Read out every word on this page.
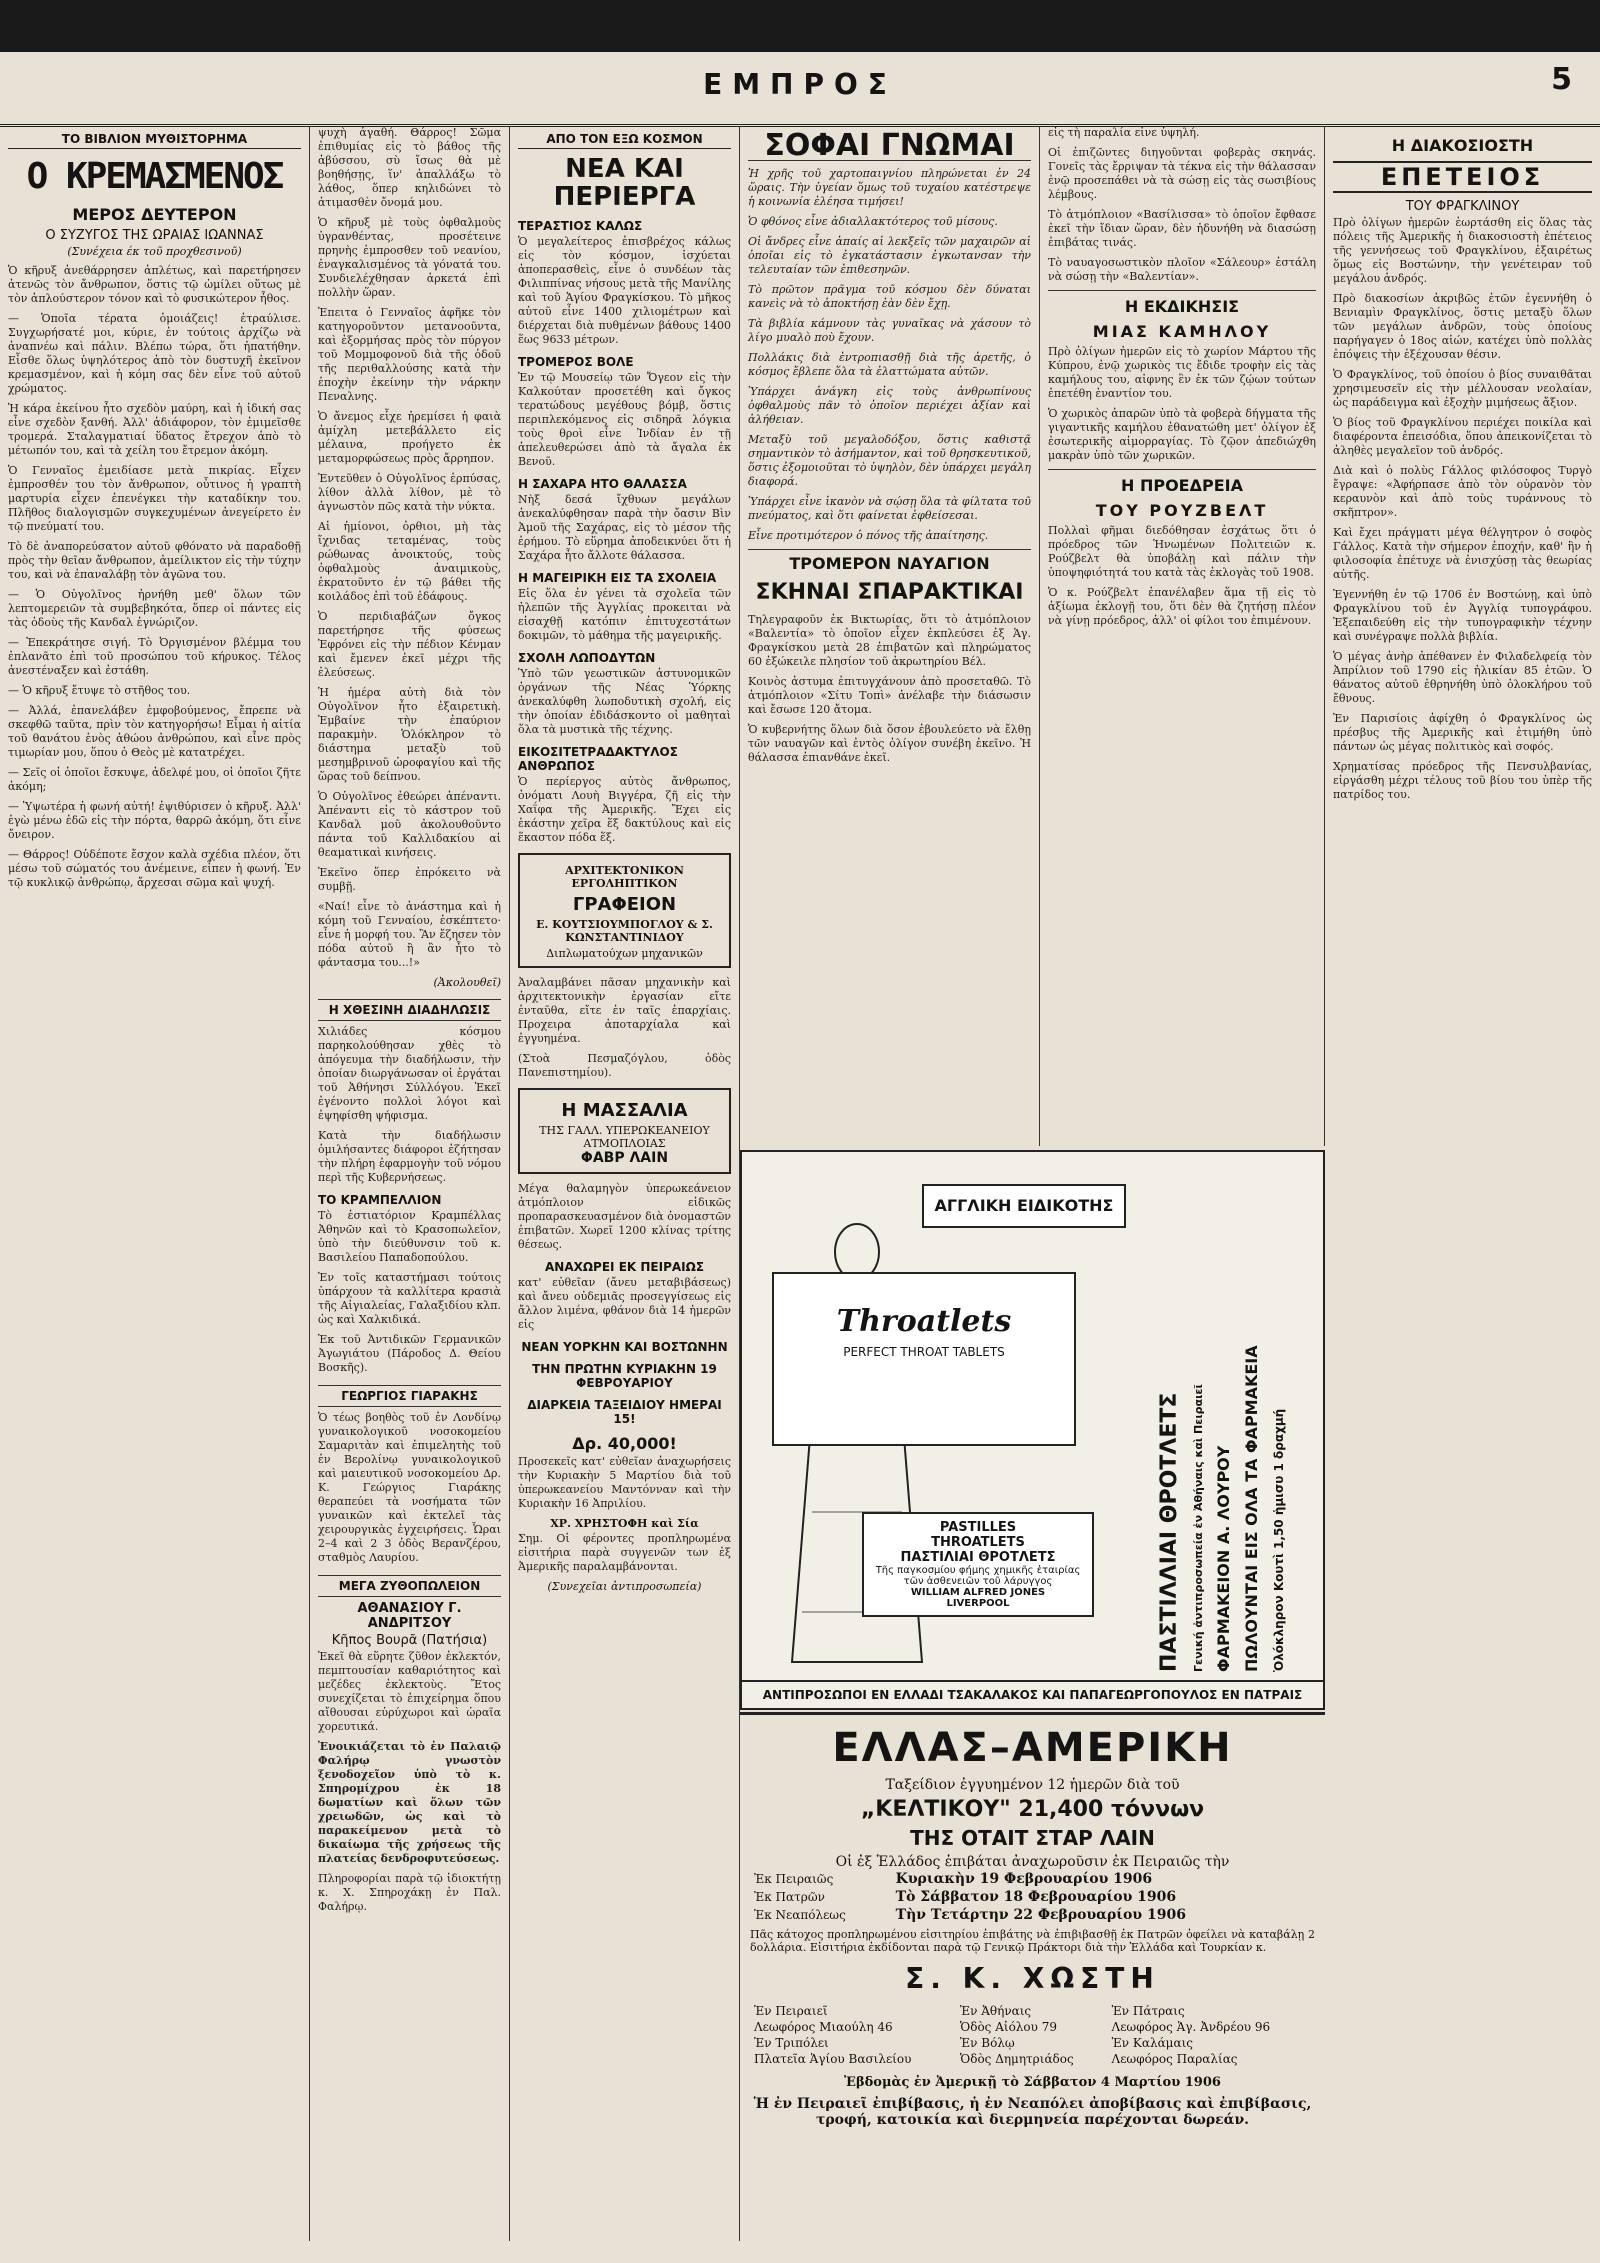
ΕΜΠΡΟΣ	5
ΤΟ ΒΙΒΛΙΟΝ ΜΥΘΙΣΤΟΡΗΜΑ
Ο ΚΡΕΜΑΣΜΕΝΟΣ
ΜΕΡΟΣ ΔΕΥΤΕΡΟΝ
Ο ΣΥΖΥΓΟΣ ΤΗΣ ΩΡΑΙΑΣ ΙΩΑΝΝΑΣ
(Συνέχεια έκ τοῦ προχθεσινοῦ)

Ὁ κῆρυξ ἀνεθάρρησεν ἀπλέτως, καὶ παρετήρησεν ἀτενῶς τὸν ἄνθρωπον, ὅστις τῷ ὡμίλει οὕτως μὲ τὸν ἀπλούστερον τόνον καὶ τὸ φυσικώτερον ἦθος.

— Ὁποῖα τέρατα ὁμοιάζεις! ἐτραύλισε. Συγχωρήσατέ μοι, κύριε, ἐν τούτοις ἀρχίζω νὰ ἀναπνέω καὶ πάλιν. Βλέπω τώρα, ὅτι ἠπατήθην. Εἶσθε ὅλως ὑψηλότερος ἀπὸ τὸν δυστυχῆ ἐκεῖνον κρεμασμένον, καὶ ἡ κόμη σας δὲν εἶνε τοῦ αὐτοῦ χρώματος.

Ἡ κάρα ἐκείνου ἦτο σχεδὸν μαύρη, καὶ ἡ ἰδική σας εἶνε σχεδὸν ξανθή. Ἀλλ' ἀδιάφορον, τὸν ἐμιμεῖσθε τρομερά. Σταλαγματιαί ὕδατος ἔτρεχον ἀπὸ τὸ μέτωπόν του, καὶ τὰ χείλη του ἔτρεμον ἀκόμη.

Ὁ Γενναῖος ἐμειδίασε μετὰ πικρίας. Εἶχεν ἐμπροσθέν του τὸν ἄνθρωπον, οὗτινος ἡ γραπτὴ μαρτυρία εἶχεν ἐπενέγκει τὴν καταδίκην του. Πλῆθος διαλογισμῶν συγκεχυμένων ἀνεγείρετο ἐν τῷ πνεύματί του.

Τὸ δὲ ἀναπορεύσατον αὐτοῦ φθόνατο νὰ παραδοθῇ πρὸς τὴν θεῖαν ἄνθρωπον, ἀμείλικτον εἰς τὴν τύχην του, καὶ νὰ ἐπαναλάβῃ τὸν ἀγῶνα του.

— Ὁ Οὐγολῖνος ἠρνήθη μεθ' ὅλων τῶν λεπτομερειῶν τὰ συμβεβηκότα, ὅπερ οἱ πάντες εἰς τὰς ὁδοὺς τῆς Κανδαλ ἐγνώριζον.

— Ἐπεκράτησε σιγή. Τὸ Ὀργισμένον βλέμμα του ἐπλανᾶτο ἐπὶ τοῦ προσώπου τοῦ κήρυκος. Τέλος ἀνεστέναξεν καὶ ἐστάθη.

— Ὁ κῆρυξ ἔτυψε τὸ στῆθος του.

— Ἀλλά, ἐπανελάβεν ἐμφοβούμενος, ἔπρεπε νὰ σκεφθῶ ταῦτα, πρὶν τὸν κατηγορήσω! Εἶμαι ἡ αἰτία τοῦ θανάτου ἑνὸς ἀθώου ἀνθρώπου, καὶ εἶνε πρὸς τιμωρίαν μου, ὅπου ὁ Θεὸς μὲ κατατρέχει.

— Σεῖς οἱ ὁποῖοι ἔσκυψε, ἀδελφέ μου, οἱ ὁποῖοι ζῆτε ἀκόμη;

— Ὑψωτέρα ἡ φωνή αὐτή! ἐψιθύρισεν ὁ κῆρυξ. Ἀλλ' ἐγὼ μένω ἐδῶ εἰς τὴν πόρτα, θαρρῶ ἀκόμη, ὅτι εἶνε ὄνειρον.

— Θάρρος! Οὐδέποτε ἔσχον καλὰ σχέδια πλέον, ὅτι μέσω τοῦ σώματός του ἀνέμεινε, εἶπεν ἡ φωνή. Ἐν τῷ κυκλικῷ ἀνθρώπῳ, ἄρχεσαι σῶμα καὶ ψυχή.

ψυχὴ ἀγαθή. Θάρρος! Σῶμα ἐπιθυμίας εἰς τὸ βάθος τῆς ἀβύσσου, σὺ ἴσως θὰ μὲ βοηθήσῃς, ἵν' ἀπαλλάξω τὸ λάθος, ὅπερ κηλιδώνει τὸ ἀτιμασθὲν ὄνομά μου.

Ὁ κῆρυξ μὲ τοὺς ὀφθαλμοὺς ὑγρανθέντας, προσέτεινε πρηνὴς ἐμπροσθεν τοῦ νεανίου, ἐναγκαλισμένος τὰ γόνατά του. Συνδιελέχθησαν ἀρκετά ἐπὶ πολλὴν ὥραν.

Ἐπειτα ὁ Γενναῖος ἀφῆκε τὸν κατηγοροῦντον μετανοοῦντα, καὶ ἐξορμήσας πρὸς τὸν πύργον τοῦ Μομμοφονοῦ διὰ τῆς ὁδοῦ τῆς περιθαλλούσης κατὰ τὴν ἐποχὴν ἐκείνην τὴν νάρκην Πεναλνης.

Ὁ ἄνεμος εἶχε ἠρεμίσει ἡ φαιὰ ἀμίχλη μετεβάλλετο εἰς μέλαινα, προήγετο ἐκ μεταμορφώσεως πρὸς ἄρρηπον.

Ἐντεῦθεν ὁ Οὐγολῖνος ἑρπύσας, λίθον ἀλλὰ λίθον, μὲ τὸ ἀγνωστὸν πῶς κατὰ τὴν νύκτα.

Αἱ ἡμίονοι, ὀρθιοι, μὴ τὰς ἴχνιδας τεταμένας, τοὺς ρώθωνας ἀνοικτούς, τοὺς ὀφθαλμοὺς ἀναιμικοὺς, ἐκρατοῦντο ἐν τῷ βάθει τῆς κοιλάδος ἐπὶ τοῦ ἐδάφους.

Ὁ περιδιαβάζων ὄγκος παρετήρησε τῆς φύσεως Ἐφρόνει εἰς τὴν πέδιον Κένμαν καὶ ἔμενεν ἐκεῖ μέχρι τῆς ἐλεύσεως.

Ἡ ἡμέρα αὐτὴ διὰ τὸν Οὐγολῖνον ἦτο ἐξαιρετικὴ. Ἐμβαίνε τὴν ἐπαύριον παρακμὴν. Ὁλόκληρον τὸ διάστημα μεταξὺ τοῦ μεσημβρινοῦ ὡροφαγίου καὶ τῆς ὥρας τοῦ δείπνου.

Ὁ Οὐγολῖνος ἐθεώρει ἀπέναντι. Ἀπέναντι εἰς τὸ κάστρον τοῦ Κανδαλ μοῦ ἀκολουθοῦντο πάντα τοῦ Καλλιδακίου αἱ θεαματικαὶ κινήσεις.

Ἐκεῖνο ὅπερ ἐπρόκειτο νὰ συμβῇ.

«Ναί! εἶνε τὸ ἀνάστημα καὶ ἡ κόμη τοῦ Γενναίου, ἐσκέπτετο· εἶνε ἡ μορφή του. Ἂν ἔζησεν τὸν πόδα αὐτοῦ ἢ ἂν ἦτο τὸ φάντασμα του...!»

(Ἀκολουθεῖ)
Η ΧΘΕΣΙΝΗ ΔΙΑΔΗΛΩΣΙΣ

Χιλιάδες κόσμου παρηκολούθησαν χθὲς τὸ ἀπόγευμα τὴν διαδήλωσιν, τὴν ὁποίαν διωργάνωσαν οἱ ἐργάται τοῦ Ἀθήνησι Σύλλόγου. Ἐκεῖ ἐγένοντο πολλοὶ λόγοι καὶ ἐψηφίσθη ψήφισμα.

Κατὰ τὴν διαδήλωσιν ὁμιλήσαντες διάφοροι ἐζήτησαν τὴν πλήρη ἐφαρμογὴν τοῦ νόμου περὶ τῆς Κυβερνήσεως.

ΤΟ ΚΡΑΜΠΕΛΛΙΟΝ

Τὸ ἑστιατόριον Κραμπέλλας Ἀθηνῶν καὶ τὸ Κρασοπωλεῖον, ὑπὸ τὴν διεύθυνσιν τοῦ κ. Βασιλείου Παπαδοπούλου.

Ἐν τοῖς καταστήμασι τούτοις ὑπάρχουν τὰ καλλίτερα κρασιὰ τῆς Αἰγιαλείας, Γαλαξιδίου κλπ. ὡς καὶ Χαλκιδικά.

Ἐκ τοῦ Ἀντιδικῶν Γερμανικῶν Ἀγωγιάτου (Πάροδος Δ. Θείου Βοσκῆς).

ΓΕΩΡΓΙΟΣ ΓΙΑΡΑΚΗΣ

Ὁ τέως βοηθὸς τοῦ ἐν Λονδίνῳ γυναικολογικοῦ νοσοκομείου Σαμαριτὰν καὶ ἐπιμελητὴς τοῦ ἐν Βερολίνῳ γυναικολογικοῦ καὶ μαιευτικοῦ νοσοκομείου Δρ. Κ. Γεώργιος Γιαράκης θεραπεύει τὰ νοσήματα τῶν γυναικῶν καὶ ἐκτελεῖ τὰς χειρουργικὰς ἐγχειρήσεις. Ὧραι 2–4 καὶ 2 3 ὁδὸς Βερανζέρου, σταθμὸς Λαυρίου.

ΜΕΓΑ ΖΥΘΟΠΩΛΕΙΟΝ
ΑΘΑΝΑΣΙΟΥ Γ. ΑΝΔΡΙΤΣΟΥ
Κῆπος Βουρᾶ (Πατήσια)

Ἐκεῖ θὰ εὕρητε ζῦθον ἐκλεκτόν, πεμπτουσίαν καθαριότητος καὶ μεζέδες ἐκλεκτοὺς. Ἔτος συνεχίζεται τὸ ἐπιχείρημα ὅπου αἴθουσαι εὐρύχωροι καὶ ὡραῖα χορευτικά.

Ἐνοικιάζεται τὸ ἐν Παλαιῷ Φαλήρῳ γνωστὸν ξενοδοχεῖον ὑπὸ τὸ κ. Σπηρομίχρου ἐκ 18 δωματίων καὶ ὅλων τῶν χρειωδῶν, ὡς καὶ τὸ παρακείμενον μετὰ τὸ δικαίωμα τῆς χρήσεως τῆς πλατείας δενδροφυτεύσεως.

Πληροφορίαι παρὰ τῷ ἰδιοκτήτῃ κ. Χ. Σπηροχάκῃ ἐν Παλ. Φαλήρῳ.

ΑΠΟ ΤΟΝ ΕΞΩ ΚΟΣΜΟΝ
ΝΕΑ ΚΑΙ ΠΕΡΙΕΡΓΑ
ΤΕΡΑΣΤΙΟΣ ΚΑΛΩΣ

Ὁ μεγαλείτερος ἐπισβρέχος κάλως εἰς τὸν κόσμον, ἰσχύεται ἀποπερασθεὶς, εἶνε ὁ συνδέων τὰς Φιλιππίνας νήσους μετὰ τῆς Μανίλης καὶ τοῦ Ἁγίου Φραγκίσκου. Τὸ μῆκος αὐτοῦ εἶνε 1400 χιλιομέτρων καὶ διέρχεται διὰ πυθμένων βάθους 1400 ἕως 9633 μέτρων.

ΤΡΟΜΕΡΟΣ ΒΟΛΕ

Ἐν τῷ Μουσείῳ τῶν Ὄγεον εἰς τὴν Καλκούταν προσετέθη καὶ ὄγκος τερατώδους μεγέθους βόμβ, ὅστις περιπλεκόμενος εἰς σιδηρᾶ λόγκια τοὺς θροὶ εἷνε Ἰνδίαν ἐν τῇ ἀπελευθερώσει ἀπὸ τὰ ἄγαλα ἐκ Βενοῦ.

Η ΣΑΧΑΡΑ ΗΤΟ ΘΑΛΑΣΣΑ

Νὴξ δεσά ἴχθυων μεγάλων ἀνεκαλύφθησαν παρὰ τὴν ὄασιν Βὶν Ἀμοῦ τῆς Σαχάρας, εἰς τὸ μέσον τῆς ἐρήμου. Τὸ εὕρημα ἀποδεικνύει ὅτι ἡ Σαχάρα ἦτο ἄλλοτε θάλασσα.

Η ΜΑΓΕΙΡΙΚΗ ΕΙΣ ΤΑ ΣΧΟΛΕΙΑ

Εἰς ὅλα ἐν γένει τὰ σχολεῖα τῶν ἠλεπῶν τῆς Ἀγγλίας προκειται νὰ εἰσαχθῇ κατόπιν ἐπιτυχεστάτων δοκιμῶν, τὸ μάθημα τῆς μαγειρικῆς.

ΣΧΟΛΗ ΛΩΠΟΔΥΤΩΝ

Ὑπὸ τῶν γεωστικῶν ἀστυνομικῶν ὀργάνων τῆς Νέας Ὑόρκης ἀνεκαλύφθη λωποδυτικὴ σχολή, εἰς τὴν ὁποίαν ἐδιδάσκοντο οἱ μαθηταὶ ὅλα τὰ μυστικὰ τῆς τέχνης.

ΕΙΚΟΣΙΤΕΤΡΑΔΑΚΤΥΛΟΣ ΑΝΘΡΩΠΟΣ

Ὁ περίεργος αὐτὸς ἄνθρωπος, ὀνόματι Λουὴ Βιγγέρα, ζῆ εἰς τὴν Χαΐφα τῆς Ἀμερικῆς. Ἔχει εἰς ἑκάστην χεῖρα ἕξ δακτύλους καὶ εἰς ἕκαστον πόδα ἕξ.

ΑΡΧΙΤΕΚΤΟΝΙΚΟΝ ΕΡΓΟΛΗΠΤΙΚΟΝ
ΓΡΑΦΕΙΟΝ
Ε. ΚΟΥΤΣΙΟΥΜΠΟΓΛΟΥ & Σ. ΚΩΝΣΤΑΝΤΙΝΙΔΟΥ
Διπλωματούχων μηχανικῶν

Ἀναλαμβάνει πᾶσαν μηχανικὴν καὶ ἀρχιτεκτονικὴν ἐργασίαν εἴτε ἐνταῦθα, εἴτε ἐν ταῖς ἐπαρχίαις. Προχειρα ἁποταρχίαλα καὶ ἐγγυημένα.

(Στοὰ Πεσμαζόγλου, ὁδὸς Πανεπιστημίου).

Η ΜΑΣΣΑΛΙΑ
ΤΗΣ ΓΑΛΛ. ΥΠΕΡΩΚΕΑΝΕΙΟΥ ΑΤΜΟΠΛΟΙΑΣ
ΦΑΒΡ ΛΑΙΝ

Μέγα θαλαμηγὸν ὑπερωκεάνειον ἀτμόπλοιον εἰδικῶς προπαρασκευασμένον διὰ ὀνομαστῶν ἐπιβατῶν. Χωρεῖ 1200 κλίνας τρίτης θέσεως.

ΑΝΑΧΩΡΕΙ ΕΚ ΠΕΙΡΑΙΩΣ

κατ' εὐθεῖαν (ἄνευ μεταβιβάσεως) καὶ ἄνευ οὐδεμιᾶς προσεγγίσεως εἰς ἄλλον λιμένα, φθάνον διὰ 14 ἡμερῶν εἰς

ΝΕΑΝ ΥΟΡΚΗΝ ΚΑΙ ΒΟΣΤΩΝΗΝ
ΤΗΝ ΠΡΩΤΗΝ ΚΥΡΙΑΚΗΝ 19 ΦΕΒΡΟΥΑΡΙΟΥ
ΔΙΑΡΚΕΙΑ ΤΑΞΕΙΔΙΟΥ ΗΜΕΡΑΙ 15!
Δρ. 40,000!

Προσεκεῖς κατ' εὐθεῖαν ἀναχωρήσεις τὴν Κυριακὴν 5 Μαρτίου διὰ τοῦ ὑπερωκεανείου Μαντόνναν καὶ τὴν Κυριακὴν 16 Ἀπριλίου.

ΧΡ. ΧΡΗΣΤΟΦΗ καὶ Σία

Σημ. Οἱ φέροντες προπληρωμένα εἰσιτήρια παρὰ συγγενῶν των ἐξ Ἀμερικῆς παραλαμβάνονται.

(Συνεχεῖαι ἀντιπροσωπεία)
ΣΟΦΑΙ ΓΝΩΜΑΙ

Ἡ χρῆς τοῦ χαρτοπαιγνίου πληρώνεται ἐν 24 ὥραις. Τὴν ὑγείαν ὅμως τοῦ τυχαίου κατέστρεψε ἡ κοινωνία ἐλέησα τιμήσει!

Ὁ φθόνος εἶνε ἀδιαλλακτότερος τοῦ μίσους.

Οἱ ἄνδρες εἶνε ἀπαίς αἱ λεκξεῖς τῶν μαχαιρῶν αἱ ὁποῖαι εἰς τὸ ἐγκατάστασιν ἐγκωτανσαν τὴν τελευταίαν τῶν ἐπιθεσηνῶν.

Τὸ πρῶτον πρᾶγμα τοῦ κόσμου δὲν δύναται κανεὶς νὰ τὸ ἀποκτήσῃ ἐὰν δὲν ἔχῃ.

Τὰ βιβλία κάμνουν τὰς γυναῖκας νὰ χάσουν τὸ λίγο μυαλὸ ποὺ ἔχουν.

Πολλάκις διὰ ἐντροπιασθῇ διὰ τῆς ἀρετῆς, ὁ κόσμος ἔβλεπε ὅλα τὰ ἐλαττώματα αὐτῶν.

Ὑπάρχει ἀνάγκη εἰς τοὺς ἀνθρωπίνους ὀφθαλμοὺς πᾶν τὸ ὁποῖον περιέχει ἀξίαν καὶ ἀλήθειαν.

Μεταξὺ τοῦ μεγαλοδόξου, ὅστις καθιστᾷ σημαντικὸν τὸ ἀσήμαντον, καὶ τοῦ θρησκευτικοῦ, ὅστις ἐξομοιοῦται τὸ ὑψηλὸν, δὲν ὑπάρχει μεγάλη διαφορά.

Ὑπάρχει εἶνε ἰκανὸν νὰ σῴσῃ ὅλα τὰ φίλτατα τοῦ πνεύματος, καὶ ὅτι φαίνεται ἐφθείσεσαι.

Εἶνε προτιμότερον ὁ πόνος τῆς ἀπαίτησης.

ΤΡΟΜΕΡΟΝ ΝΑΥΑΓΙΟΝ
ΣΚΗΝΑΙ ΣΠΑΡΑΚΤΙΚΑΙ

Τηλεγραφοῦν ἐκ Βικτωρίας, ὅτι τὸ ἀτμόπλοιον «Βαλεντία» τὸ ὁποῖον εἶχεν ἐκπλεύσει ἐξ Ἁγ. Φραγκίσκου μετὰ 28 ἐπιβατῶν καὶ πληρώματος 60 ἐξώκειλε πλησίον τοῦ ἀκρωτηρίου Βέλ.

Κοινὸς ἀστυμα ἐπιτυγχάνουν ἀπὸ προσεταθῶ. Τὸ ἀτμόπλοιον «Σίτυ Τοπὶ» ἀνέλαβε τὴν διάσωσιν καὶ ἔσωσε 120 ἄτομα.

Ὁ κυβερνήτης ὅλων διὰ ὅσον ἐβουλεύετο νὰ ἔλθῃ τῶν ναυαγῶν καὶ ἐντὸς ὀλίγον συνέβη ἐκεῖνο. Ἡ θάλασσα ἐπιανθάνε ἐκεῖ.

εἰς τὴ παραλία εἶνε ὑψηλή.

Οἱ ἐπιζῶντες διηγοῦνται φοβερὰς σκηνάς. Γονεῖς τὰς ἔρριψαν τὰ τέκνα εἰς τὴν θάλασσαν ἐνῷ προσεπάθει νὰ τὰ σώσῃ εἰς τὰς σωσιβίους λέμβους.

Τὸ ἀτμόπλοιον «Βασίλισσα» τὸ ὁποῖον ἔφθασε ἐκεῖ τὴν ἴδιαν ὥραν, δὲν ἠδυνήθη νὰ διασώσῃ ἐπιβάτας τινάς.

Τὸ ναυαγοσωστικὸν πλοῖον «Σάλεουρ» ἐστάλη νὰ σώσῃ τὴν «Βαλεντίαν».

Η ΕΚΔΙΚΗΣΙΣ
ΜΙΑΣ ΚΑΜΗΛΟΥ

Πρὸ ὀλίγων ἡμερῶν εἰς τὸ χωρίον Μάρτου τῆς Κύπρου, ἐνῷ χωρικὸς τις ἔδιδε τροφὴν εἰς τὰς καμήλους του, αἰφνης ἓν ἐκ τῶν ζῴων τούτων ἐπετέθη ἐναντίον του.

Ὁ χωρικὸς ἀπαρῶν ὑπὸ τὰ φοβερὰ δήγματα τῆς γιγαντικῆς καμήλου ἐθανατώθη μετ' ὀλίγον ἐξ ἐσωτερικῆς αἱμορραγίας. Τὸ ζῷον ἀπεδιώχθη μακρὰν ὑπὸ τῶν χωρικῶν.

Η ΠΡΟΕΔΡΕΙΑ
ΤΟΥ ΡΟΥΖΒΕΛΤ

Πολλαὶ φῆμαι διεδόθησαν ἐσχάτως ὅτι ὁ πρόεδρος τῶν Ἡνωμένων Πολιτειῶν κ. Ρούζβελτ θὰ ὑποβάλῃ καὶ πάλιν τὴν ὑποψηφιότητά του κατὰ τὰς ἐκλογὰς τοῦ 1908.

Ὁ κ. Ρούζβελτ ἐπανέλαβεν ἅμα τῇ εἰς τὸ ἀξίωμα ἐκλογῇ του, ὅτι δὲν θὰ ζητήσῃ πλέον νὰ γίνῃ πρόεδρος, ἀλλ' οἱ φίλοι του ἐπιμένουν.

ΑΓΓΛΙΚΗ ΕΙΔΙΚΟΤΗΣ
Throatlets
PERFECT THROAT TABLETS
PASTILLES
THROATLETS
ΠΑΣΤΙΛΙΑΙ ΘΡΟΤΛΕΤΣ
Τῆς παγκοσμίου φήμης χημικῆς ἑταιρίας τῶν ἀσθενειῶν τοῦ λάρυγγος
WILLIAM ALFRED JONES
LIVERPOOL	ΠΑΣΤΙΛΛΙΑΙ ΘΡΟΤΛΕΤΣ Γενική ἀντιπροσωπεία ἐν Ἀθήναις καὶ Πειραιεῖ ΦΑΡΜΑΚΕΙΟΝ Α. ΛΟΥΡΟΥ ΠΩΛΟΥΝΤΑΙ ΕΙΣ ΟΛΑ ΤΑ ΦΑΡΜΑΚΕΙΑ Ὁλόκληρον Κουτὶ 1,50 ἡμισυ 1 δραχμή
ΑΝΤΙΠΡΟΣΩΠΟΙ ΕΝ ΕΛΛΑΔΙ ΤΣΑΚΑΛΑΚΟΣ ΚΑΙ ΠΑΠΑΓΕΩΡΓΟΠΟΥΛΟΣ ΕΝ ΠΑΤΡΑΙΣ
ΕΛΛΑΣ–ΑΜΕΡΙΚΗ
Ταξείδιον ἐγγυημένον 12 ἡμερῶν διὰ τοῦ
„ΚΕΛΤΙΚΟΥ" 21,400 τόννων
ΤΗΣ ΟΤΑΙΤ ΣΤΑΡ ΛΑΙΝ
Οἱ ἐξ Ἑλλάδος ἐπιβάται ἀναχωροῦσιν ἐκ Πειραιῶς τὴν
Ἐκ Πειραιῶς	Κυριακὴν 19 Φεβρουαρίου 1906
Ἐκ Πατρῶν	Τὸ Σάββατον 18 Φεβρουαρίου 1906
Ἐκ Νεαπόλεως	Τὴν Τετάρτην 22 Φεβρουαρίου 1906
Πᾶς κάτοχος προπληρωμένου εἰσιτηρίου ἐπιβάτης νὰ ἐπιβιβασθῇ ἐκ Πατρῶν ὀφείλει νὰ καταβάλῃ 2 δολλάρια. Εἰσιτήρια ἐκδίδονται παρὰ τῷ Γενικῷ Πράκτορι διὰ τὴν Ἑλλάδα καὶ Τουρκίαν κ.
Σ. Κ. ΧΩΣΤΗ
Ἐν Πειραιεῖ	Ἐν Ἀθήναις	Ἐν Πάτραις
Λεωφόρος Μιαούλη 46	Ὁδὸς Αἰόλου 79	Λεωφόρος Ἁγ. Ἀνδρέου 96
Ἐν Τριπόλει	Ἐν Βόλῳ	Ἐν Καλάμαις
Πλατεῖα Ἁγίου Βασιλείου	Ὁδὸς Δημητριάδος	Λεωφόρος Παραλίας
Ἐβδομὰς ἐν Ἀμερικῇ τὸ Σάββατον 4 Μαρτίου 1906
Ἡ ἐν Πειραιεῖ ἐπιβίβασις, ἡ ἐν Νεαπόλει ἀποβίβασις καὶ ἐπιβίβασις, τροφή, κατοικία καὶ διερμηνεία παρέχονται δωρεάν.
Η ΔΙΑΚΟΣΙΟΣΤΗ
ΕΠΕΤΕΙΟΣ
ΤΟΥ ΦΡΑΓΚΛΙΝΟΥ

Πρὸ ὀλίγων ἡμερῶν ἑωρτάσθη εἰς ὅλας τὰς πόλεις τῆς Ἀμερικῆς ἡ διακοσιοστὴ ἐπέτειος τῆς γεννήσεως τοῦ Φραγκλίνου, ἐξαιρέτως ὅμως εἰς Βοστώνην, τὴν γενέτειραν τοῦ μεγάλου ἀνδρός.

Πρὸ διακοσίων ἀκριβῶς ἐτῶν ἐγεννήθη ὁ Βενιαμὶν Φραγκλίνος, ὅστις μεταξὺ ὅλων τῶν μεγάλων ἀνδρῶν, τοὺς ὁποίους παρήγαγεν ὁ 18ος αἰών, κατέχει ὑπὸ πολλὰς ἐπόψεις τὴν ἐξέχουσαν θέσιν.

Ὁ Φραγκλίνος, τοῦ ὁποίου ὁ βίος συναιθᾶται χρησιμευσεῖν εἰς τὴν μέλλουσαν νεολαίαν, ὡς παράδειγμα καὶ ἐξοχὴν μιμήσεως ἄξιον.

Ὁ βίος τοῦ Φραγκλίνου περιέχει ποικίλα καὶ διαφέροντα ἐπεισόδια, ὅπου ἀπεικονίζεται τὸ ἀληθὲς μεγαλεῖον τοῦ ἀνδρός.

Διὰ καὶ ὁ πολὺς Γάλλος φιλόσοφος Τυργὸ ἔγραψε: «Ἀφήρπασε ἀπὸ τὸν οὐρανὸν τὸν κεραυνὸν καὶ ἀπὸ τοὺς τυράννους τὸ σκῆπτρον».

Καὶ ἔχει πράγματι μέγα θέλγητρον ὁ σοφὸς Γάλλος. Κατὰ τὴν σήμερον ἐποχήν, καθ' ἣν ἡ φιλοσοφία ἐπέτυχε νὰ ἐνισχύσῃ τὰς θεωρίας αὐτῆς.

Ἐγεννήθη ἐν τῷ 1706 ἐν Βοστώνῃ, καὶ ὑπὸ Φραγκλίνου τοῦ ἐν Ἀγγλίᾳ τυπογράφου. Ἐξεπαιδεύθη εἰς τὴν τυπογραφικὴν τέχνην καὶ συνέγραψε πολλὰ βιβλία.

Ὁ μέγας ἀνὴρ ἀπέθανεν ἐν Φιλαδελφείᾳ τὸν Ἀπρίλιον τοῦ 1790 εἰς ἡλικίαν 85 ἐτῶν. Ὁ θάνατος αὐτοῦ ἐθρηνήθη ὑπὸ ὁλοκλήρου τοῦ ἔθνους.

Ἐν Παρισίοις ἀφίχθη ὁ Φραγκλίνος ὡς πρέσβυς τῆς Ἀμερικῆς καὶ ἐτιμήθη ὑπὸ πάντων ὡς μέγας πολιτικὸς καὶ σοφός.

Χρηματίσας πρόεδρος τῆς Πενσυλβανίας, εἰργάσθη μέχρι τέλους τοῦ βίου του ὑπὲρ τῆς πατρίδος του.
